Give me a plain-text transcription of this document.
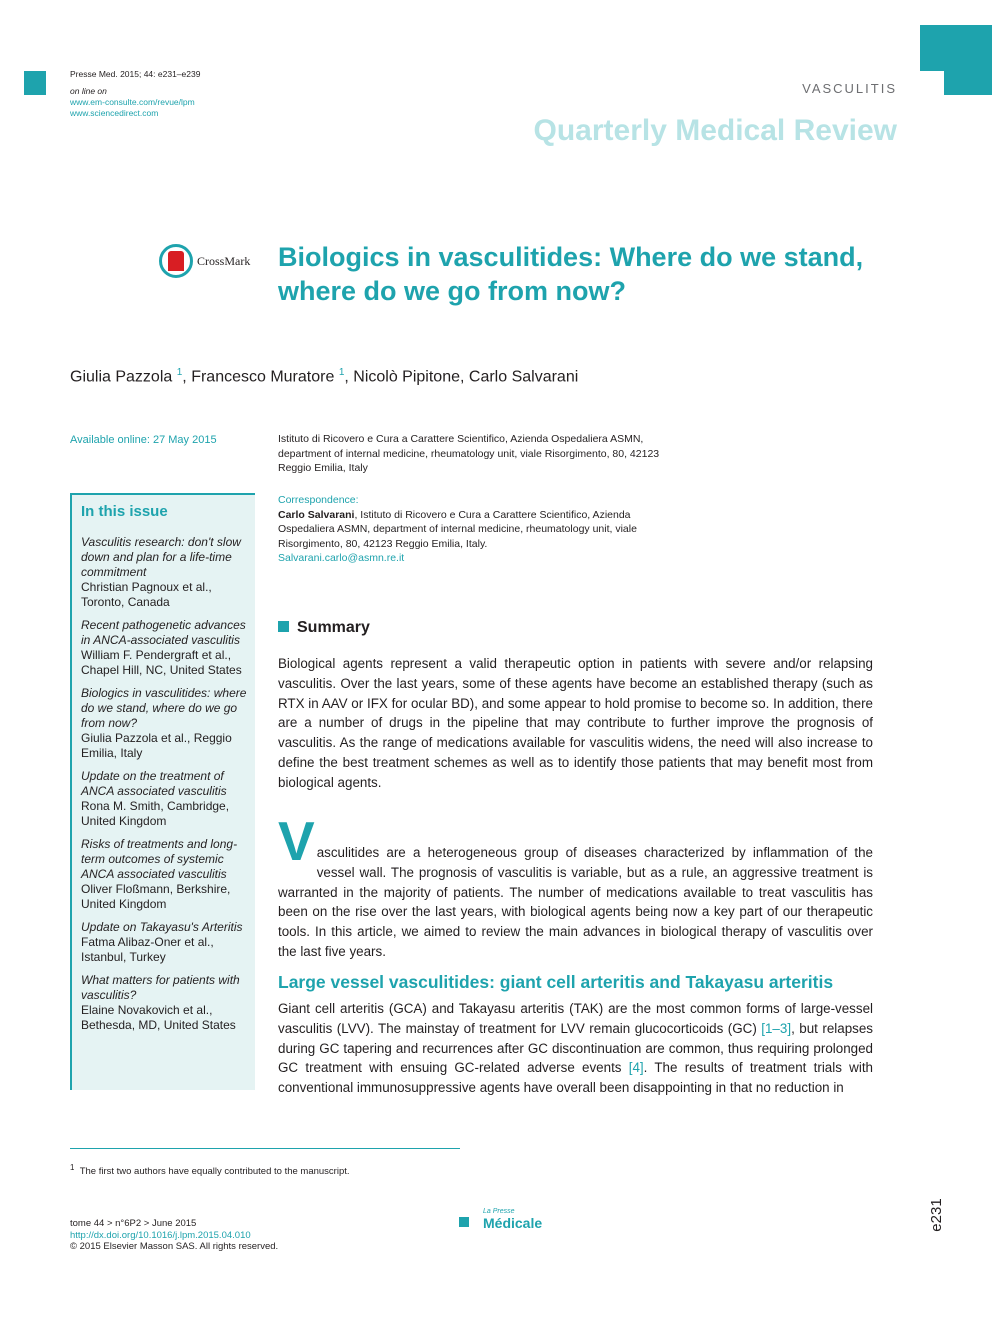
Presse Med. 2015; 44: e231–e239
on line on
www.em-consulte.com/revue/lpm
www.sciencedirect.com
VASCULITIS
Quarterly Medical Review
CrossMark Biologics in vasculitides: Where do we stand, where do we go from now?
Giulia Pazzola $^1$, Francesco Muratore $^1$, Nicolò Pipitone, Carlo Salvarani
Available online: 27 May 2015	Istituto di Ricovero e Cura a Carattere Scientifico, Azienda Ospedaliera ASMN, department of internal medicine, rheumatology unit, viale Risorgimento, 80, 42123 Reggio Emilia, Italy
Correspondence:
Carlo Salvarani, Istituto di Ricovero e Cura a Carattere Scientifico, Azienda Ospedaliera ASMN, department of internal medicine, rheumatology unit, viale Risorgimento, 80, 42123 Reggio Emilia, Italy.
Salvarani.carlo@asmn.re.it
In this issue
Vasculitis research: don't slow down and plan for a life-time commitment
Christian Pagnoux et al., Toronto, Canada
Recent pathogenetic advances in ANCA-associated vasculitis
William F. Pendergraft et al., Chapel Hill, NC, United States
Biologics in vasculitides: where do we stand, where do we go from now?
Giulia Pazzola et al., Reggio Emilia, Italy
Update on the treatment of ANCA associated vasculitis
Rona M. Smith, Cambridge, United Kingdom
Risks of treatments and long-term outcomes of systemic ANCA associated vasculitis
Oliver Floßmann, Berkshire, United Kingdom
Update on Takayasu's Arteritis
Fatma Alibaz-Oner et al., Istanbul, Turkey
What matters for patients with vasculitis?
Elaine Novakovich et al., Bethesda, MD, United States
Summary
Biological agents represent a valid therapeutic option in patients with severe and/or relapsing vasculitis. Over the last years, some of these agents have become an established therapy (such as RTX in AAV or IFX for ocular BD), and some appear to hold promise to become so. In addition, there are a number of drugs in the pipeline that may contribute to further improve the prognosis of vasculitis. As the range of medications available for vasculitis widens, the need will also increase to define the best treatment schemes as well as to identify those patients that may benefit most from biological agents.
V asculitides are a heterogeneous group of diseases characterized by inflammation of the vessel wall. The prognosis of vasculitis is variable, but as a rule, an aggressive treatment is warranted in the majority of patients. The number of medications available to treat vasculitis has been on the rise over the last years, with biological agents being now a key part of our therapeutic tools. In this article, we aimed to review the main advances in biological therapy of vasculitis over the last five years.
Large vessel vasculitides: giant cell arteritis and Takayasu arteritis
Giant cell arteritis (GCA) and Takayasu arteritis (TAK) are the most common forms of large-vessel vasculitis (LVV). The mainstay of treatment for LVV remain glucocorticoids (GC) [1–3], but relapses during GC tapering and recurrences after GC discontinuation are common, thus requiring prolonged GC treatment with ensuing GC-related adverse events [4]. The results of treatment trials with conventional immunosuppressive agents have overall been disappointing in that no reduction in
$^1$ The first two authors have equally contributed to the manuscript.
tome 44 > n°6P2 > June 2015
http://dx.doi.org/10.1016/j.lpm.2015.04.010
© 2015 Elsevier Masson SAS. All rights reserved.
La Presse
Médicale	e231
